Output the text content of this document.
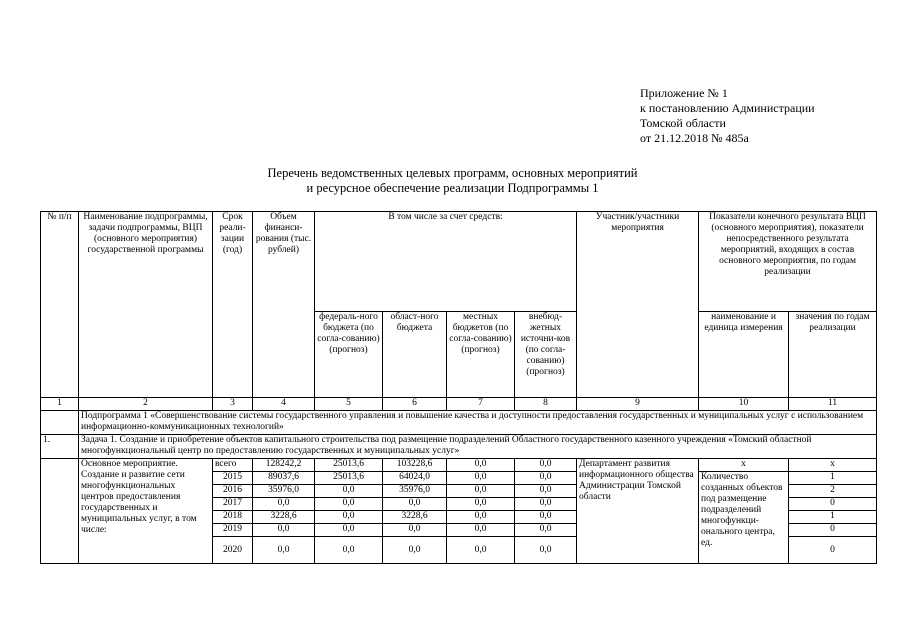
Приложение № 1
к постановлению Администрации
Томской области
от 21.12.2018 № 485а
Перечень ведомственных целевых программ, основных мероприятий
и ресурсное обеспечение реализации Подпрограммы 1
№ п/п	Наименование подпрограммы, задачи подпрограммы, ВЦП (основного мероприятия) государственной программы	Срок реали-зации (год)	Объем финанси-рования (тыс. рублей)	В том числе за счет средств:				Участник/участники мероприятия	Показатели конечного результата ВЦП (основного мероприятия), показатели непосредственного результата мероприятий, входящих в состав основного мероприятия, по годам реализации	
				федераль-ного бюджета (по согла-сованию) (прогноз)	област-ного бюджета	местных бюджетов (по согла-сованию) (прогноз)	внебюд-жетных источни-ков (по согла-сованию) (прогноз)		наименование и единица измерения	значения по годам реализации
1	2	3	4	5	6	7	8	9	10	11
	Подпрограмма 1 «Совершенствование системы государственного управления и повышение качества и доступности предоставления государственных и муниципальных услуг с использованием информационно-коммуникационных технологий»									
1.	Задача 1. Создание и приобретение объектов капитального строительства под размещение подразделений Областного государственного казенного учреждения «Томский областной многофункциональный центр по предоставлению государственных и муниципальных услуг»									
	Основное мероприятие. Создание и развитие сети многофункциональных центров предоставления государственных и муниципальных услуг, в том числе:	всего	128242,2	25013,6	103228,6	0,0	0,0	Департамент развития информационного общества Администрации Томской области	х	х
		2015	89037,6	25013,6	64024,0	0,0	0,0		Количество созданных объектов под размещение подразделений многофункци-онального центра, ед.	1
		2016	35976,0	0,0	35976,0	0,0	0,0			2
		2017	0,0	0,0	0,0	0,0	0,0			0
		2018	3228,6	0,0	3228,6	0,0	0,0			1
		2019	0,0	0,0	0,0	0,0	0,0			0
		2020	0,0	0,0	0,0	0,0	0,0			0
